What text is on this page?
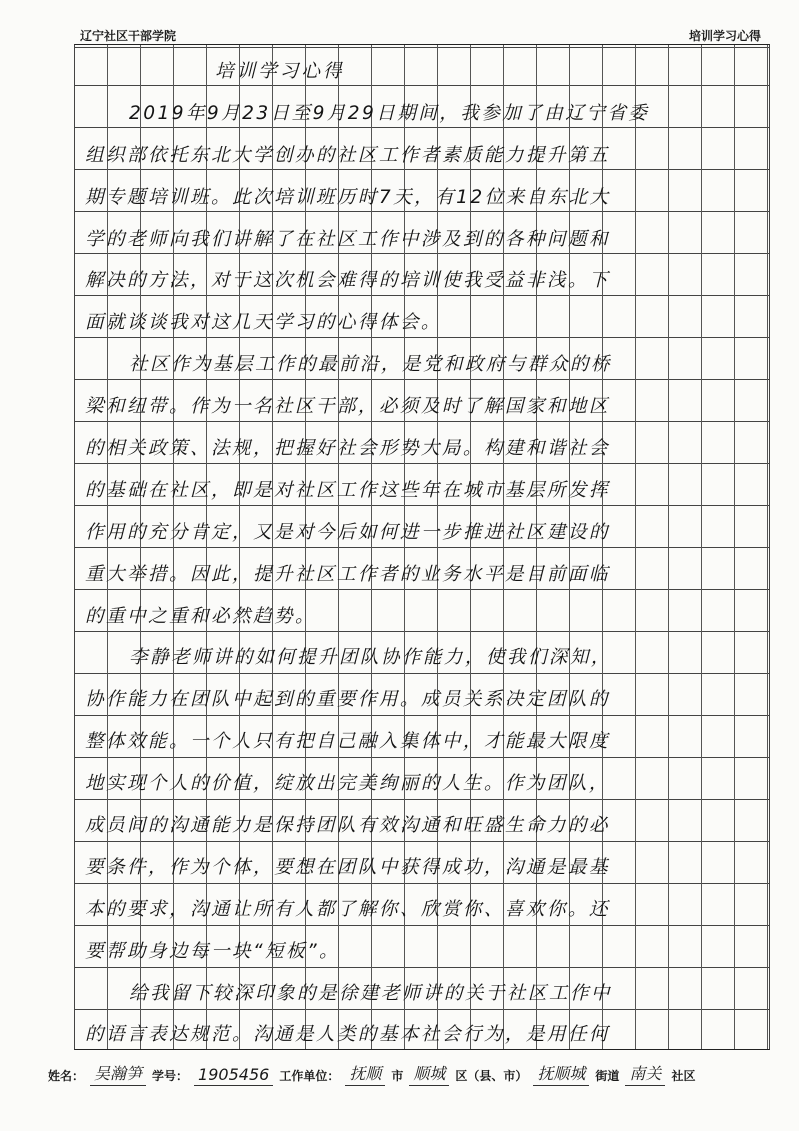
辽宁社区干部学院	培训学习心得
培训学习心得
2019年9月23日至9月29日期间，我参加了由辽宁省委
组织部依托东北大学创办的社区工作者素质能力提升第五
期专题培训班。此次培训班历时7天，有12位来自东北大
学的老师向我们讲解了在社区工作中涉及到的各种问题和
解决的方法，对于这次机会难得的培训使我受益非浅。下
面就谈谈我对这几天学习的心得体会。
社区作为基层工作的最前沿，是党和政府与群众的桥
梁和纽带。作为一名社区干部，必须及时了解国家和地区
的相关政策、法规，把握好社会形势大局。构建和谐社会
的基础在社区，即是对社区工作这些年在城市基层所发挥
作用的充分肯定，又是对今后如何进一步推进社区建设的
重大举措。因此，提升社区工作者的业务水平是目前面临
的重中之重和必然趋势。
李静老师讲的如何提升团队协作能力，使我们深知，
协作能力在团队中起到的重要作用。成员关系决定团队的
整体效能。一个人只有把自己融入集体中，才能最大限度
地实现个人的价值，绽放出完美绚丽的人生。作为团队，
成员间的沟通能力是保持团队有效沟通和旺盛生命力的必
要条件，作为个体，要想在团队中获得成功，沟通是最基
本的要求，沟通让所有人都了解你、欣赏你、喜欢你。还
要帮助身边每一块“短板”。
给我留下较深印象的是徐建老师讲的关于社区工作中
的语言表达规范。沟通是人类的基本社会行为，是用任何
姓名： 吴瀚笋 学号： 1905456 工作单位： 抚顺 市 顺城 区（县、市） 抚顺城 街道 南关 社区
